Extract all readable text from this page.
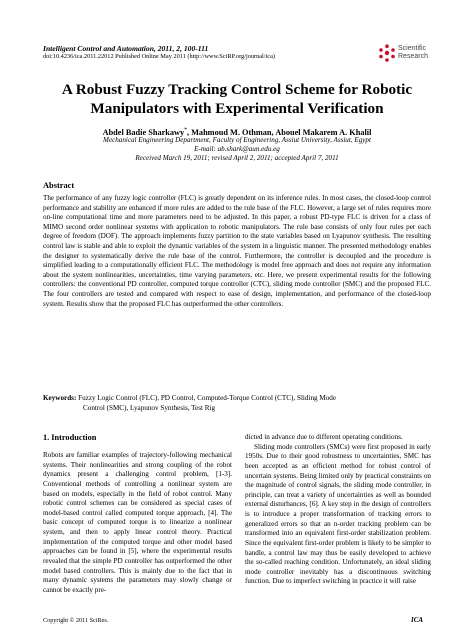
Intelligent Control and Automation, 2011, 2, 100-111
doi:10.4236/ica.2011.22012 Published Online May 2011 (http://www.SciRP.org/journal/ica)
Scientific
Research
A Robust Fuzzy Tracking Control Scheme for Robotic
Manipulators with Experimental Verification
Abdel Badie Sharkawy*, Mahmoud M. Othman, Abouel Makarem A. Khalil
Mechanical Engineering Department, Faculty of Engineering, Assiut University, Assiut, Egypt
E-mail: ab.shark@aun.edu.eg
Received March 19, 2011; revised April 2, 2011; accepted April 7, 2011
Abstract

The performance of any fuzzy logic controller (FLC) is greatly dependent on its inference rules. In most cases, the closed-loop control performance and stability are enhanced if more rules are added to the rule base of the FLC. However, a large set of rules requires more on-line computational time and more parameters need to be adjusted. In this paper, a robust PD-type FLC is driven for a class of MIMO second order nonlinear systems with application to robotic manipulators. The rule base consists of only four rules per each degree of freedom (DOF). The approach implements fuzzy partition to the state variables based on Lyapunov synthesis. The resulting control law is stable and able to exploit the dynamic variables of the system in a linguistic manner. The presented methodology enables the designer to systematically derive the rule base of the control. Furthermore, the controller is decoupled and the procedure is simplified leading to a computationally efficient FLC. The methodology is model free approach and does not require any information about the system nonlinearities, uncertainties, time varying parameters, etc. Here, we present experimental results for the following controllers: the conventional PD controller, computed torque controller (CTC), sliding mode controller (SMC) and the proposed FLC. The four controllers are tested and compared with respect to ease of design, implementation, and performance of the closed-loop system. Results show that the proposed FLC has outperformed the other controllers.

Keywords: Fuzzy Logic Control (FLC), PD Control, Computed-Torque Control (CTC), Sliding Mode
Control (SMC), Lyapunov Synthesis, Test Rig
1. Introduction

Robots are familiar examples of trajectory-following mechanical systems. Their nonlinearities and strong coupling of the robot dynamics present a challenging control problem, [1-3]. Conventional methods of controlling a nonlinear system are based on models, especially in the field of robot control. Many robotic control schemes can be considered as special cases of model-based control called computed torque approach, [4]. The basic concept of computed torque is to linearize a nonlinear system, and then to apply linear control theory. Practical implementation of the computed torque and other model based approaches can be found in [5], where the experimental results revealed that the simple PD controller has outperformed the other model based controllers. This is mainly due to the fact that in many dynamic systems the parameters may slowly change or cannot be exactly pre-

dicted in advance due to different operating conditions.

Sliding mode controllers (SMCs) were first proposed in early 1950s. Due to their good robustness to uncertainties, SMC has been accepted as an efficient method for robust control of uncertain systems. Being limited only by practical constraints on the magnitude of control signals, the sliding mode controller, in principle, can treat a variety of uncertainties as well as bounded external disturbances, [6]. A key step in the design of controllers is to introduce a proper transformation of tracking errors to generalized errors so that an n-order tracking problem can be transformed into an equivalent first-order stabilization problem. Since the equivalent first-order problem is likely to be simpler to handle, a control law may thus be easily developed to achieve the so-called reaching condition. Unfortunately, an ideal sliding mode controller inevitably has a discontinuous switching function. Due to imperfect switching in practice it will raise

Copyright © 2011 SciRes.	ICA
